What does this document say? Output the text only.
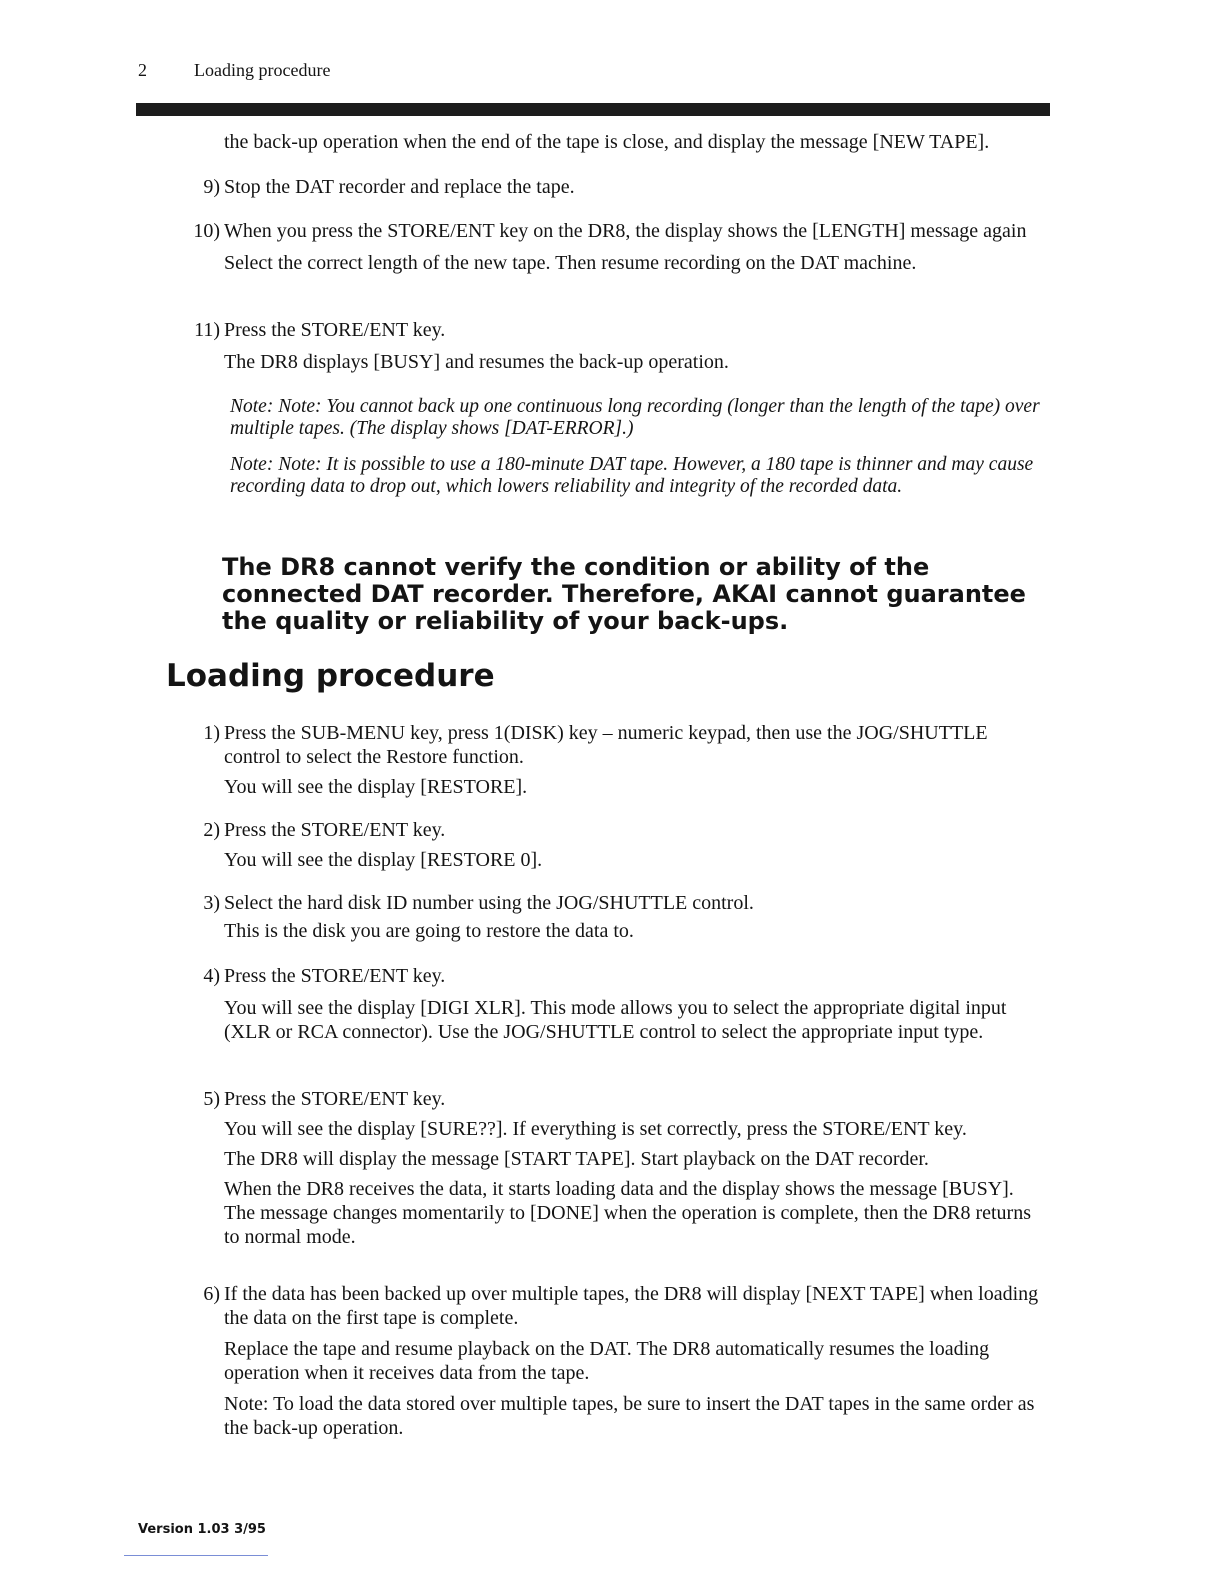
2	Loading procedure
the back-up operation when the end of the tape is close, and display the message [NEW TAPE].
9) Stop the DAT recorder and replace the tape.

10) When you press the STORE/ENT key on the DR8, the display shows the [LENGTH] message again

Select the correct length of the new tape. Then resume recording on the DAT machine.

11) Press the STORE/ENT key.

The DR8 displays [BUSY] and resumes the back-up operation.

Note: Note: You cannot back up one continuous long recording (longer than the length of the tape) over multiple tapes. (The display shows [DAT-ERROR].)
Note: Note: It is possible to use a 180-minute DAT tape. However, a 180 tape is thinner and may cause recording data to drop out, which lowers reliability and integrity of the recorded data.
The DR8 cannot verify the condition or ability of the connected DAT recorder. Therefore, AKAI cannot guarantee the quality or reliability of your back-ups.
Loading procedure
1) Press the SUB-MENU key, press 1(DISK) key – numeric keypad, then use the JOG/SHUTTLE control to select the Restore function.

You will see the display [RESTORE].

2) Press the STORE/ENT key.

You will see the display [RESTORE 0].

3) Select the hard disk ID number using the JOG/SHUTTLE control.

This is the disk you are going to restore the data to.

4) Press the STORE/ENT key.

You will see the display [DIGI XLR]. This mode allows you to select the appropriate digital input (XLR or RCA connector). Use the JOG/SHUTTLE control to select the appropriate input type.

5) Press the STORE/ENT key.

You will see the display [SURE??]. If everything is set correctly, press the STORE/ENT key.

The DR8 will display the message [START TAPE]. Start playback on the DAT recorder.

When the DR8 receives the data, it starts loading data and the display shows the message [BUSY]. The message changes momentarily to [DONE] when the operation is complete, then the DR8 returns to normal mode.

6) If the data has been backed up over multiple tapes, the DR8 will display [NEXT TAPE] when loading the data on the first tape is complete.

Replace the tape and resume playback on the DAT. The DR8 automatically resumes the loading operation when it receives data from the tape.

Note: To load the data stored over multiple tapes, be sure to insert the DAT tapes in the same order as the back-up operation.

Version 1.03 3/95
